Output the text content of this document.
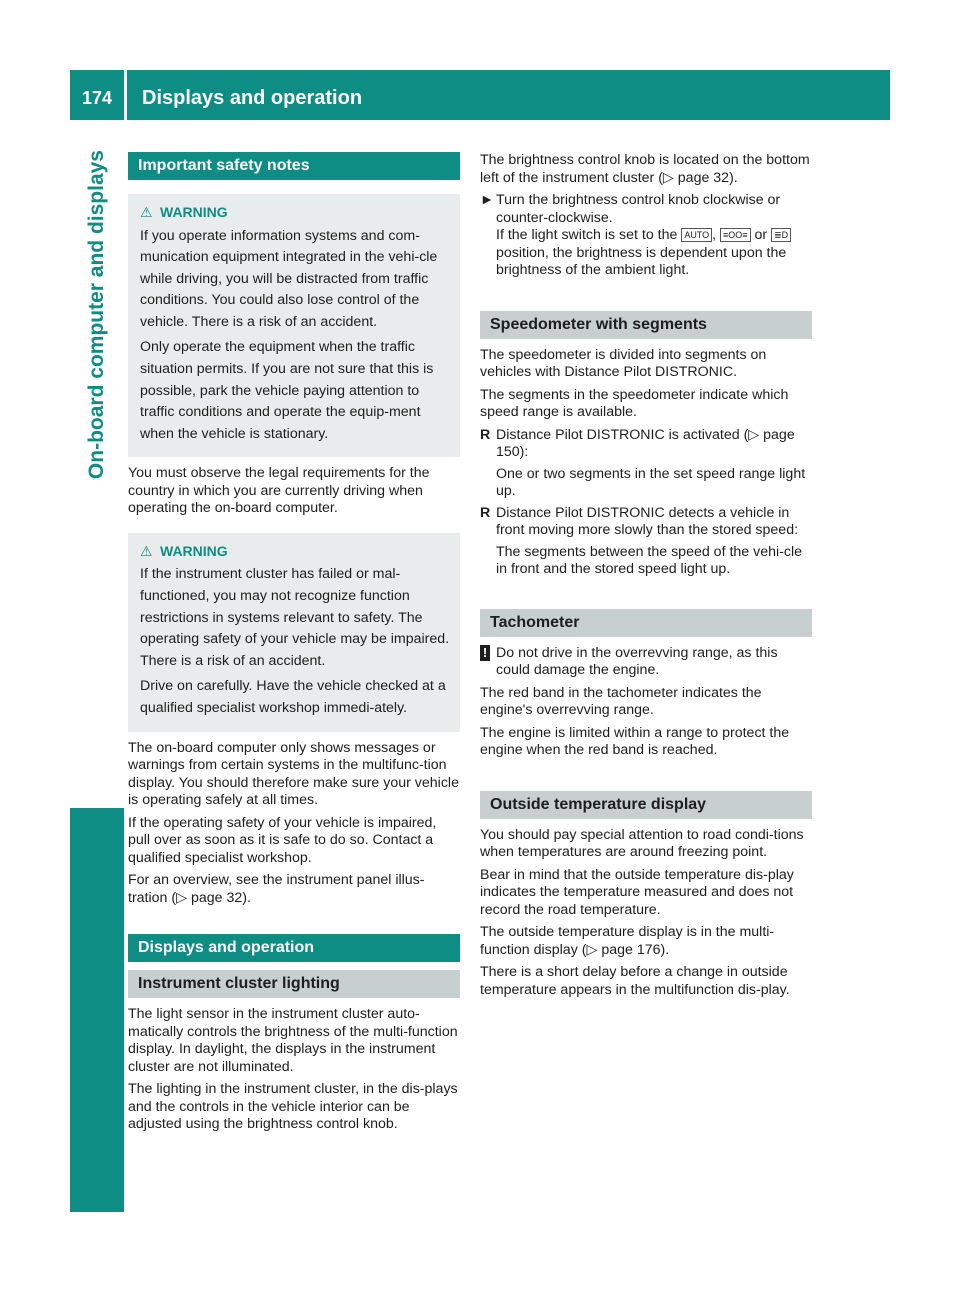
174	Displays and operation
On-board computer and displays	Important safety notes
⚠ WARNING

If you operate information systems and com-munication equipment integrated in the vehi-cle while driving, you will be distracted from traffic conditions. You could also lose control of the vehicle. There is a risk of an accident.

Only operate the equipment when the traffic situation permits. If you are not sure that this is possible, park the vehicle paying attention to traffic conditions and operate the equip-ment when the vehicle is stationary.

You must observe the legal requirements for the country in which you are currently driving when operating the on-board computer.

⚠ WARNING

If the instrument cluster has failed or mal-functioned, you may not recognize function restrictions in systems relevant to safety. The operating safety of your vehicle may be impaired. There is a risk of an accident.

Drive on carefully. Have the vehicle checked at a qualified specialist workshop immedi-ately.

The on-board computer only shows messages or warnings from certain systems in the multifunc-tion display. You should therefore make sure your vehicle is operating safely at all times.

If the operating safety of your vehicle is impaired, pull over as soon as it is safe to do so. Contact a qualified specialist workshop.

For an overview, see the instrument panel illus-tration (▷ page 32).

Displays and operation
Instrument cluster lighting

The light sensor in the instrument cluster auto-matically controls the brightness of the multi-function display. In daylight, the displays in the instrument cluster are not illuminated.

The lighting in the instrument cluster, in the dis-plays and the controls in the vehicle interior can be adjusted using the brightness control knob.

The brightness control knob is located on the bottom left of the instrument cluster (▷ page 32).

► Turn the brightness control knob clockwise or counter-clockwise.
If the light switch is set to the AUTO , ≡OO≡ or ≣D position, the brightness is dependent upon the brightness of the ambient light.
Speedometer with segments

The speedometer is divided into segments on vehicles with Distance Pilot DISTRONIC.

The segments in the speedometer indicate which speed range is available.

R Distance Pilot DISTRONIC is activated (▷ page 150):
One or two segments in the set speed range light up.
R Distance Pilot DISTRONIC detects a vehicle in front moving more slowly than the stored speed:
The segments between the speed of the vehi-cle in front and the stored speed light up.
Tachometer
! Do not drive in the overrevving range, as this could damage the engine.

The red band in the tachometer indicates the engine's overrevving range.

The engine is limited within a range to protect the engine when the red band is reached.

Outside temperature display

You should pay special attention to road condi-tions when temperatures are around freezing point.

Bear in mind that the outside temperature dis-play indicates the temperature measured and does not record the road temperature.

The outside temperature display is in the multi-function display (▷ page 176).

There is a short delay before a change in outside temperature appears in the multifunction dis-play.
